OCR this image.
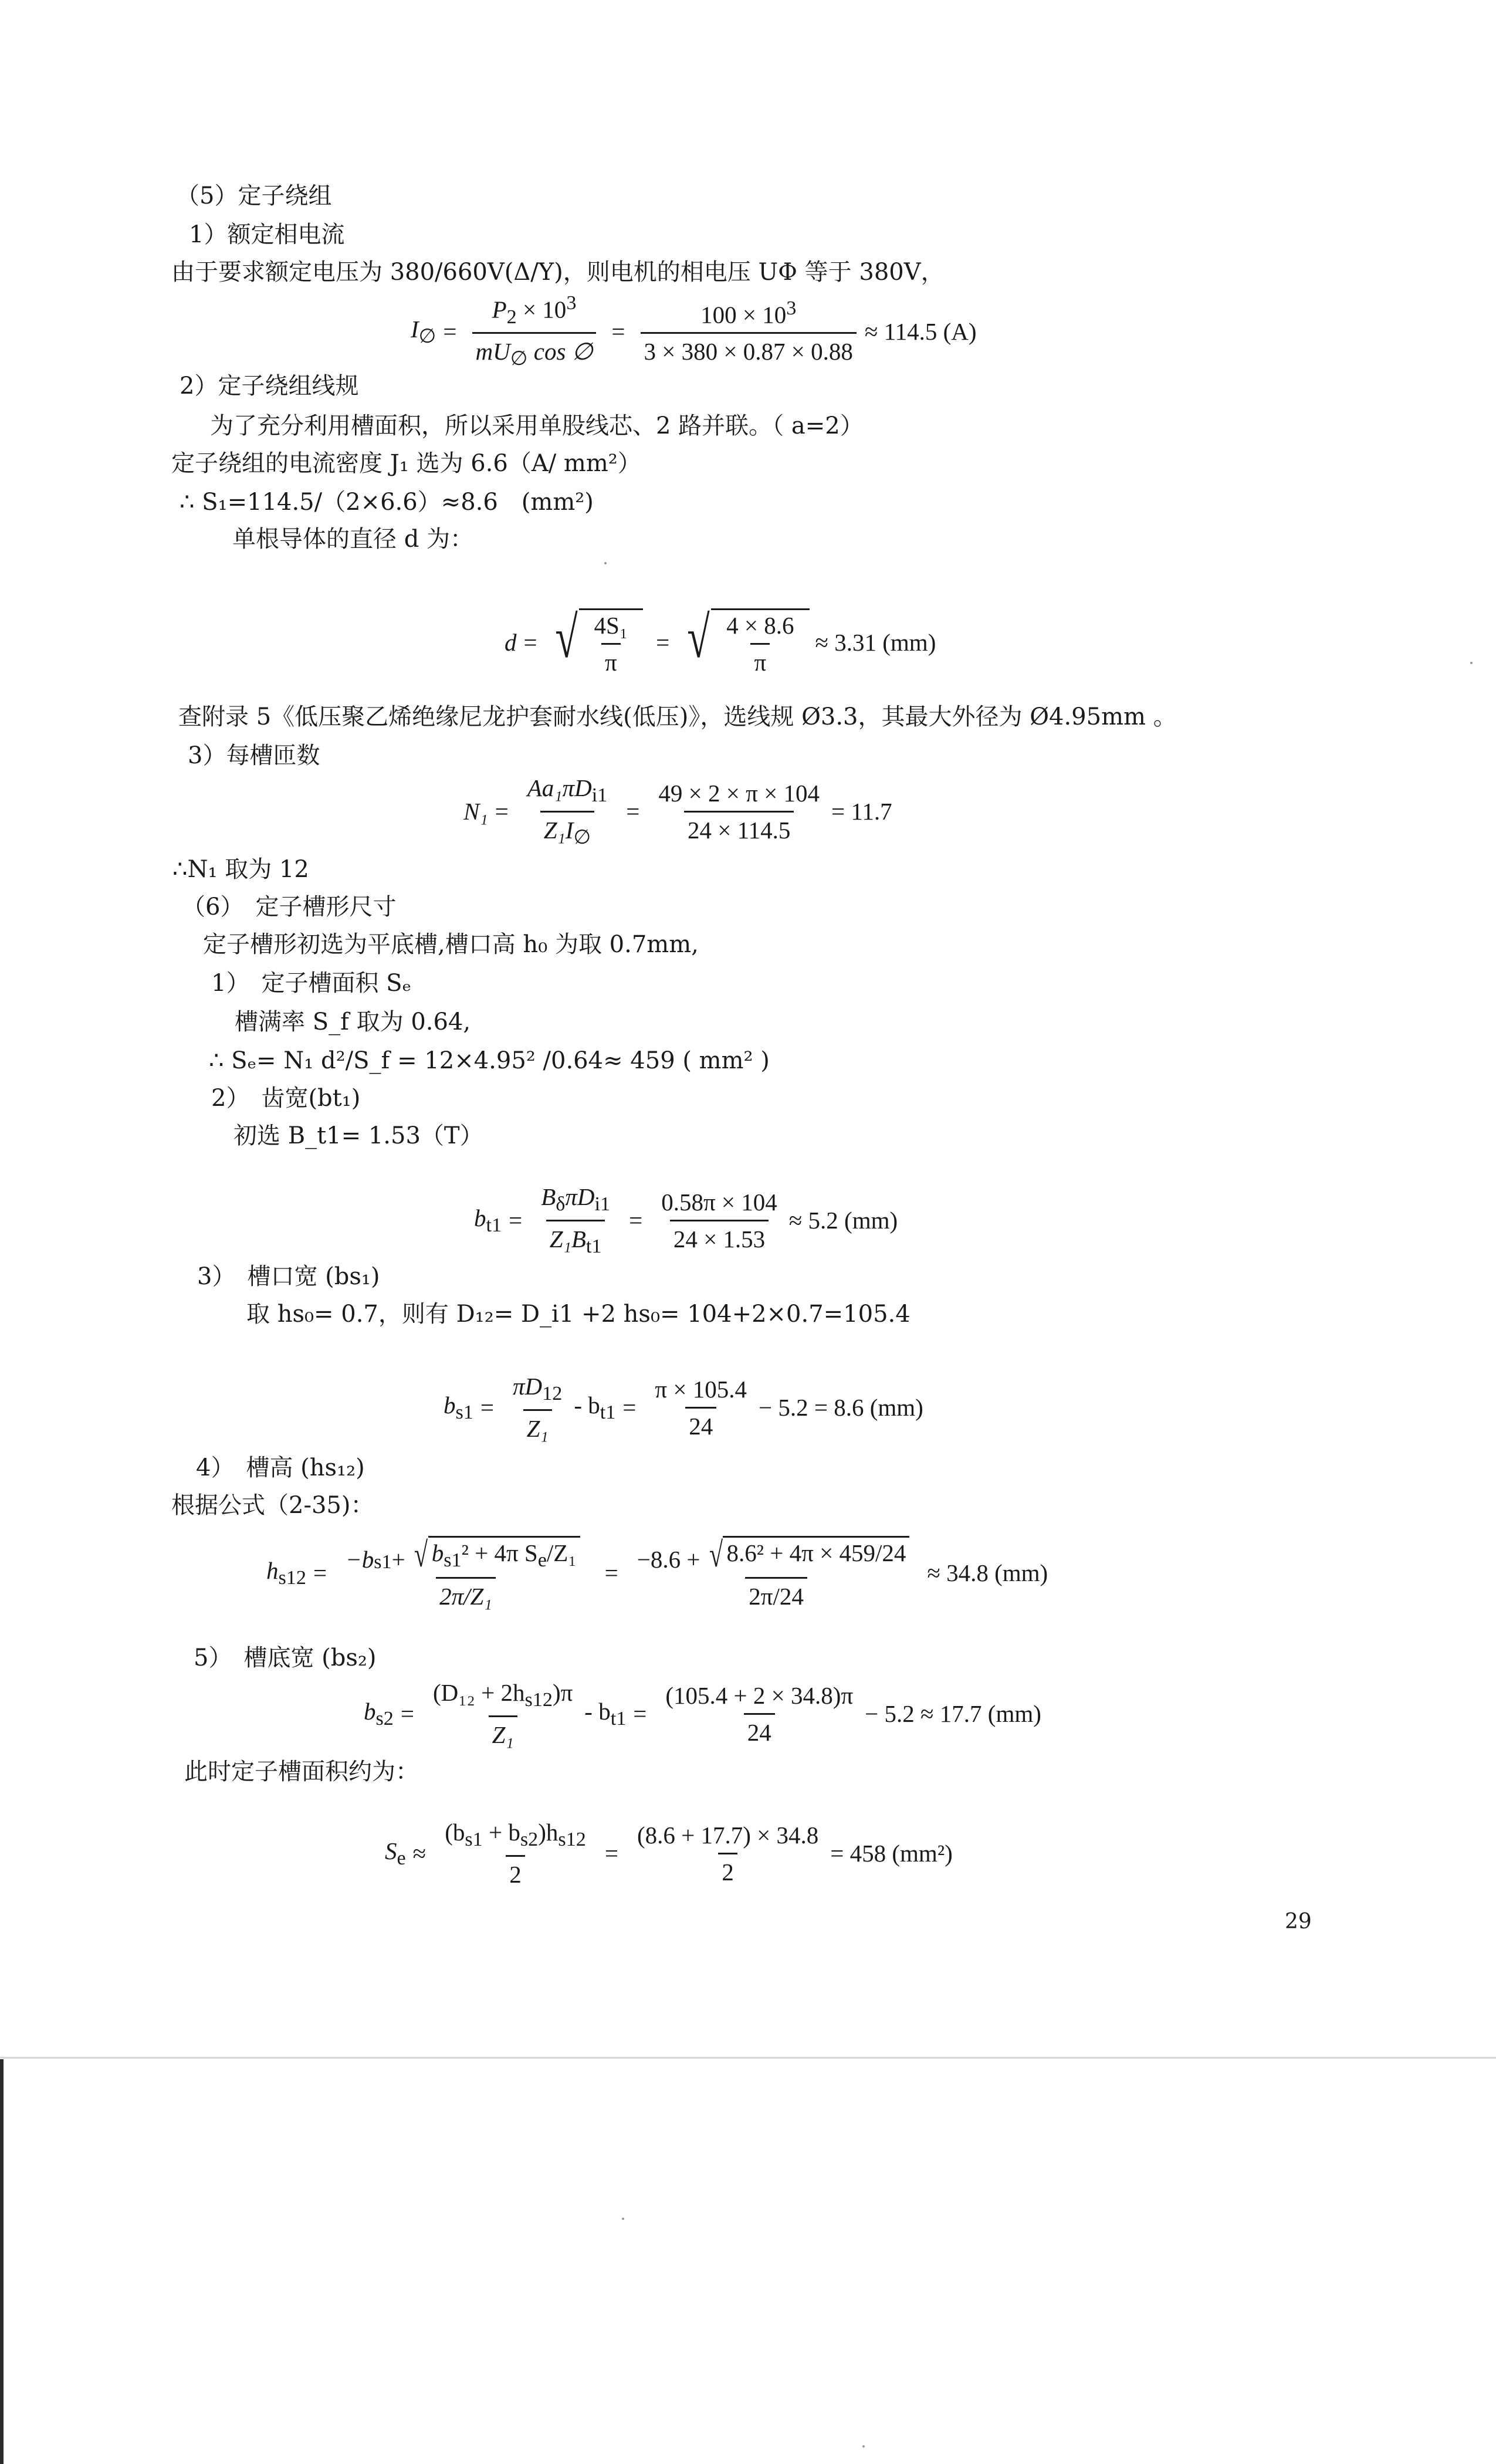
（5）定子绕组
1）额定相电流
由于要求额定电压为 380/660V(Δ/Y)，则电机的相电压 UΦ 等于 380V，
$I_\emptyset = \frac{P_2 \times 10^3}{mU_\emptyset \cos \emptyset} = \frac{100 \times 10^3}{3 \times 380 \times 0.87 \times 0.88} \approx 114.5$ (A)
2）定子绕组线规
为了充分利用槽面积，所以采用单股线芯、2 路并联。（ a=2）
定子绕组的电流密度 J₁ 选为 6.6（A/ mm²）
∴ S₁=114.5/（2×6.6）≈8.6　(mm²)
单根导体的直径 d 为：
d = √ $\frac{\text{4S₁}}{\pi}$ = √ $\frac{4 \times 8.6}{\pi} \approx 3.31$ (mm)
查附录 5《低压聚乙烯绝缘尼龙护套耐水线(低压)》，选线规 Ø3.3，其最大外径为 Ø4.95mm 。
3）每槽匝数
$N_1 = \frac{Aa_1\pi D_{i1}}{Z_1I_\emptyset} = \frac{49 \times 2 \times \pi \times 104}{24 \times 114.5} = 11.7$
∴N₁ 取为 12
（6）　定子槽形尺寸
定子槽形初选为平底槽,槽口高 h₀ 为取 0.7mm,
1）　定子槽面积 Sₑ
槽满率 S_f 取为 0.64,
∴ Sₑ= N₁ d²/S_f = 12×4.95² /0.64≈ 459 ( mm² )
2）　齿宽(bt₁)
初选 B_t1= 1.53（T）
$b_{t1} = \frac{B_\delta\pi D_{i1}}{Z_1B_{t1}} = \frac{0.58\pi \times 104}{24 \times 1.53} \approx 5.2$ (mm)
3）　槽口宽 (bs₁)
取 hs₀= 0.7，则有 D₁₂= D_i1 +2 hs₀= 104+2×0.7=105.4
$b_{s1} = \frac{\pi D_{12}}{\text{Z₁}} - b_{t1} = \frac{\pi \times 105.4}{24} - 5.2 = 8.6$ (mm)
4）　槽高 (hs₁₂)
根据公式（2-35)：
$h_{s12} = \frac{-b s1 + √ b_{s1}^2 + 4\pi S_e/Z_1}{\text{2π/Z₁}} = \frac{\text{−8.6 + √ 8.6² + 4π × 459/24}}{2\pi/24} \approx 34.8$ (mm)
5）　槽底宽 (bs₂)
$b_{s2} = \frac{(D_{12} + 2h_{s12})\pi}{\text{Z₁}} - b_{t1} = \frac{(105.4 + 2 \times 34.8)\pi}{24} - 5.2 \approx 17.7$ (mm)
此时定子槽面积约为：
$S_e \approx \frac{(b_{s1} + b_{s2})h_{s12}}{2} = \frac{(8.6 + 17.7) \times 34.8}{2} = 458$ (mm²)
29
